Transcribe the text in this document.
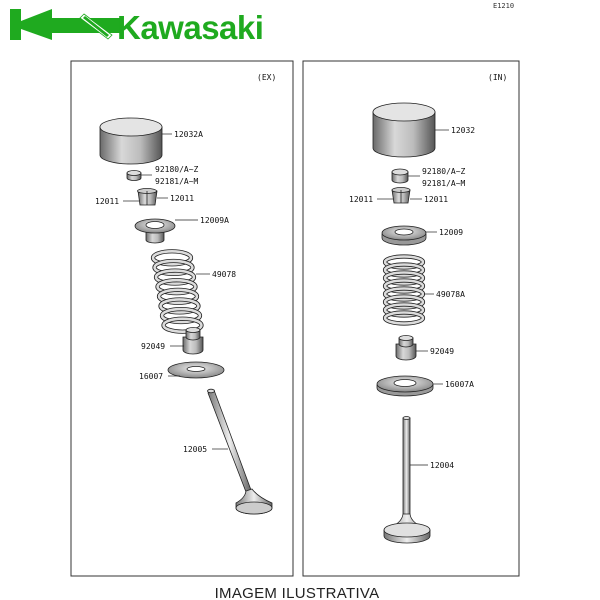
Kawasaki
E1210
(EX)	(IN)
12032A
92180/A~Z
92181/A~M
12011	12011
12009A
49078
92049
16007
12005
12032
92180/A~Z
92181/A~M
12011	12011
12009
49078A
92049
16007A
12004
IMAGEM ILUSTRATIVA
